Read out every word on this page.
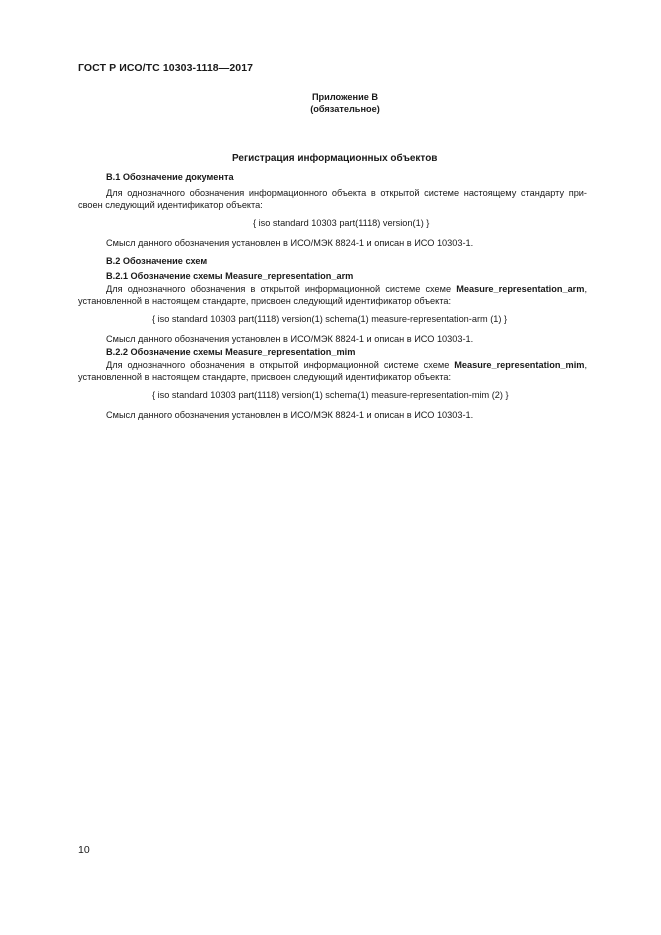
ГОСТ Р ИСО/ТС 10303-1118—2017
Приложение В
(обязательное)
Регистрация информационных объектов
В.1 Обозначение документа
Для однозначного обозначения информационного объекта в открытой системе настоящему стандарту при-
своен следующий идентификатор объекта:
{ iso standard 10303 part(1118) version(1) }
Смысл данного обозначения установлен в ИСО/МЭК 8824-1 и описан в ИСО 10303-1.
В.2 Обозначение схем
В.2.1 Обозначение схемы Measure_representation_arm
Для однозначного обозначения в открытой информационной системе схеме Measure_representation_arm,
установленной в настоящем стандарте, присвоен следующий идентификатор объекта:
{ iso standard 10303 part(1118) version(1) schema(1) measure-representation-arm (1) }
Смысл данного обозначения установлен в ИСО/МЭК 8824-1 и описан в ИСО 10303-1.
В.2.2 Обозначение схемы Measure_representation_mim
Для однозначного обозначения в открытой информационной системе схеме Measure_representation_mim,
установленной в настоящем стандарте, присвоен следующий идентификатор объекта:
{ iso standard 10303 part(1118) version(1) schema(1) measure-representation-mim (2) }
Смысл данного обозначения установлен в ИСО/МЭК 8824-1 и описан в ИСО 10303-1.
10
